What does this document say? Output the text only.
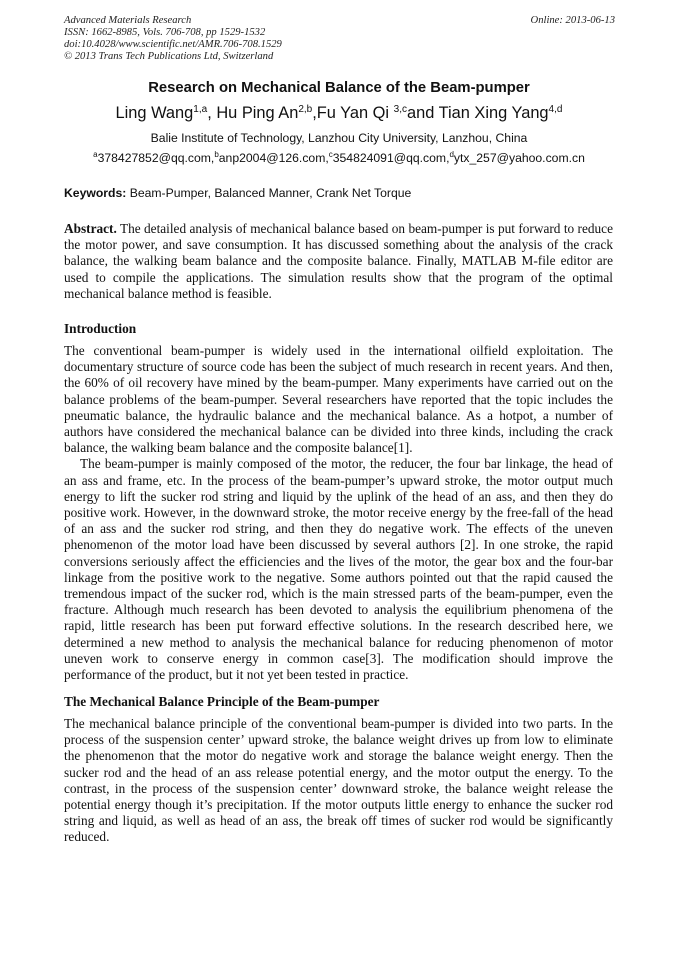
Advanced Materials Research
ISSN: 1662-8985, Vols. 706-708, pp 1529-1532
doi:10.4028/www.scientific.net/AMR.706-708.1529
© 2013 Trans Tech Publications Ltd, Switzerland
Online: 2013-06-13
Research on Mechanical Balance of the Beam-pumper
Ling Wang$^{1,a}$, Hu Ping An$^{2,b}$,Fu Yan Qi $^{3,c}$and Tian Xing Yang$^{4,d}$
Balie Institute of Technology, Lanzhou City University, Lanzhou, China
$^a$378427852@qq.com,$^b$anp2004@126.com,$^c$354824091@qq.com,$^d$ytx_257@yahoo.com.cn
Keywords: Beam-Pumper, Balanced Manner, Crank Net Torque

Abstract. The detailed analysis of mechanical balance based on beam-pumper is put forward to reduce the motor power, and save consumption. It has discussed something about the analysis of the crack balance, the walking beam balance and the composite balance. Finally, MATLAB M-file editor are used to compile the applications. The simulation results show that the program of the optimal mechanical balance method is feasible.

Introduction

The conventional beam-pumper is widely used in the international oilfield exploitation. The documentary structure of source code has been the subject of much research in recent years. And then, the 60% of oil recovery have mined by the beam-pumper. Many experiments have carried out on the balance problems of the beam-pumper. Several researchers have reported that the topic includes the pneumatic balance, the hydraulic balance and the mechanical balance. As a hotpot, a number of authors have considered the mechanical balance can be divided into three kinds, including the crack balance, the walking beam balance and the composite balance[1].

The beam-pumper is mainly composed of the motor, the reducer, the four bar linkage, the head of an ass and frame, etc. In the process of the beam-pumper’s upward stroke, the motor output much energy to lift the sucker rod string and liquid by the uplink of the head of an ass, and then they do positive work. However, in the downward stroke, the motor receive energy by the free-fall of the head of an ass and the sucker rod string, and then they do negative work. The effects of the uneven phenomenon of the motor load have been discussed by several authors [2]. In one stroke, the rapid conversions seriously affect the efficiencies and the lives of the motor, the gear box and the four-bar linkage from the positive work to the negative. Some authors pointed out that the rapid caused the tremendous impact of the sucker rod, which is the main stressed parts of the beam-pumper, even the fracture. Although much research has been devoted to analysis the equilibrium phenomena of the rapid, little research has been put forward effective solutions. In the research described here, we determined a new method to analysis the mechanical balance for reducing phenomenon of motor uneven work to conserve energy in common case[3]. The modification should improve the performance of the product, but it not yet been tested in practice.

The Mechanical Balance Principle of the Beam-pumper

The mechanical balance principle of the conventional beam-pumper is divided into two parts. In the process of the suspension center’ upward stroke, the balance weight drives up from low to eliminate the phenomenon that the motor do negative work and storage the balance weight energy. Then the sucker rod and the head of an ass release potential energy, and the motor output the energy. To the contrast, in the process of the suspension center’ downward stroke, the balance weight release the potential energy though it’s precipitation. If the motor outputs little energy to enhance the sucker rod string and liquid, as well as head of an ass, the break off times of sucker rod would be significantly reduced.
